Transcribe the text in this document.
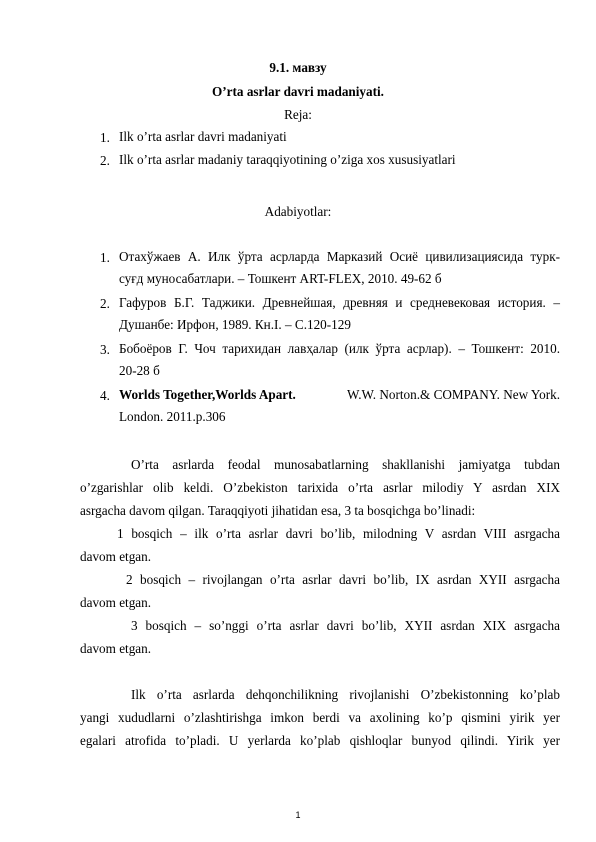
9.1. мавзу
O’rta asrlar davri madaniyati.
Reja:
1. Ilk o’rta asrlar davri madaniyati
2. Ilk o’rta asrlar madaniy taraqqiyotining o’ziga xos xususiyatlari
Adabiyotlar:
1. Отахўжаев А. Илк ўрта асрларда Марказий Осиё цивилизациясида турк-
суғд муносабатлари. – Тошкент ART-FLEX, 2010. 49-62 б
2. Гафуров Б.Г. Таджики. Древнейшая, древняя и средневековая история. –
Душанбе: Ирфон, 1989. Кн.I. – С.120-129
3. Бобоёров Г. Чоч тарихидан лавҳалар (илк ўрта асрлар). – Тошкент: 2010.
20-28 б
4. Worlds Together,Worlds Apart.	W.W. Norton.& COMPANY. New York.
London. 2011.p.306
O’rta asrlarda feodal munosabatlarning shakllanishi jamiyatga tubdan
o’zgarishlar olib keldi. O’zbekiston tarixida o’rta asrlar milodiy Y asrdan XIX
asrgacha davom qilgan. Taraqqiyoti jihatidan esa, 3 ta bosqichga bo’linadi:
1 bosqich – ilk o’rta asrlar davri bo’lib, milodning V asrdan VIII asrgacha
davom etgan.
2 bosqich – rivojlangan o’rta asrlar davri bo’lib, IX asrdan XYII asrgacha
davom etgan.
3 bosqich – so’nggi o’rta asrlar davri bo’lib, XYII asrdan XIX asrgacha
davom etgan.
Ilk o’rta asrlarda dehqonchilikning rivojlanishi O’zbekistonning ko’plab
yangi xududlarni o’zlashtirishga imkon berdi va axolining ko’p qismini yirik yer
egalari atrofida to’pladi. U yerlarda ko’plab qishloqlar bunyod qilindi. Yirik yer
1
